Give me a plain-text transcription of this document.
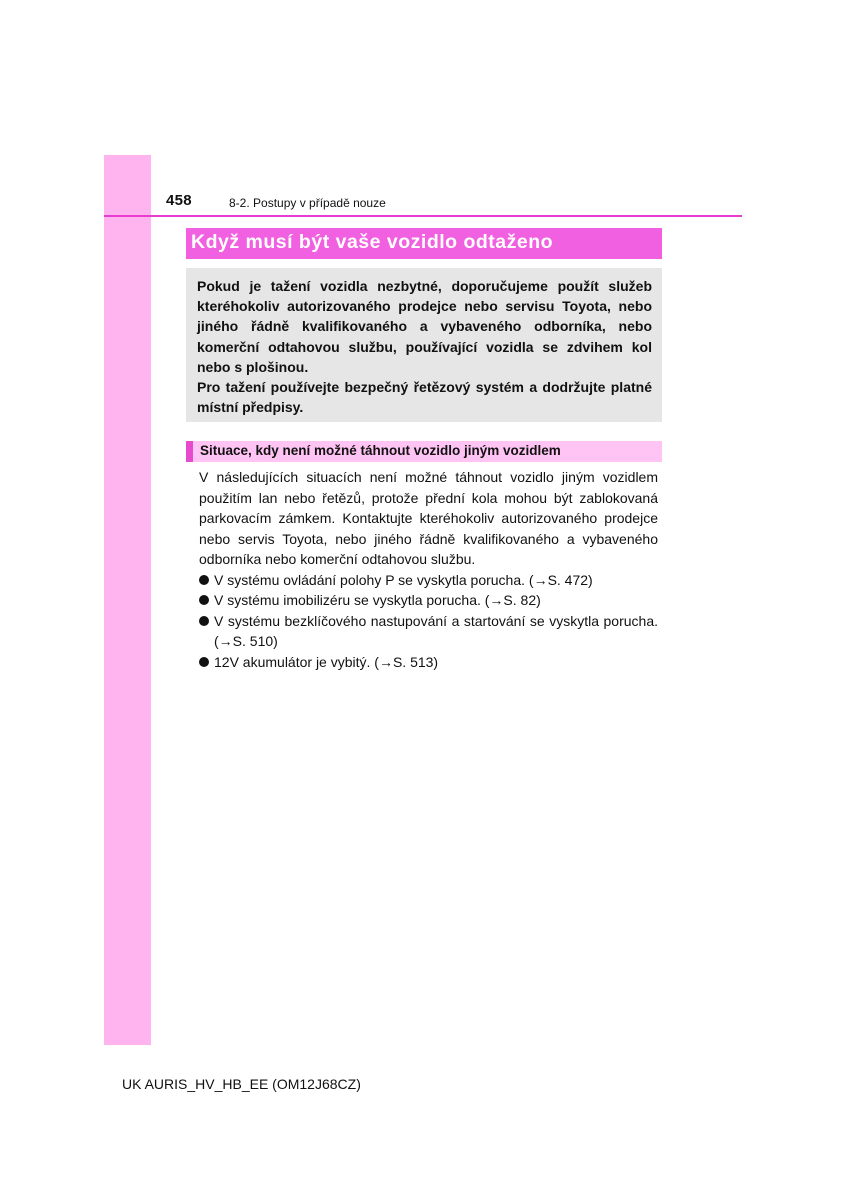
458	8-2. Postupy v případě nouze
Když musí být vaše vozidlo odtaženo

Pokud je tažení vozidla nezbytné, doporučujeme použít služeb kteréhokoliv autorizovaného prodejce nebo servisu Toyota, nebo jiného řádně kvalifikovaného a vybaveného odborníka, nebo komerční odtahovou službu, používající vozidla se zdvihem kol nebo s plošinou.

Pro tažení používejte bezpečný řetězový systém a dodržujte platné místní předpisy.

Situace, kdy není možné táhnout vozidlo jiným vozidlem

V následujících situacích není možné táhnout vozidlo jiným vozidlem použitím lan nebo řetězů, protože přední kola mohou být zablokovaná parkovacím zámkem. Kontaktujte kteréhokoliv autorizovaného prodejce nebo servis Toyota, nebo jiného řádně kvalifikovaného a vybaveného odborníka nebo komerční odtahovou službu.

V systému ovládání polohy P se vyskytla porucha. (→S. 472)
V systému imobilizéru se vyskytla porucha. (→S. 82)
V systému bezklíčového nastupování a startování se vyskytla porucha. (→S. 510)
12V akumulátor je vybitý. (→S. 513)
UK AURIS_HV_HB_EE (OM12J68CZ)
